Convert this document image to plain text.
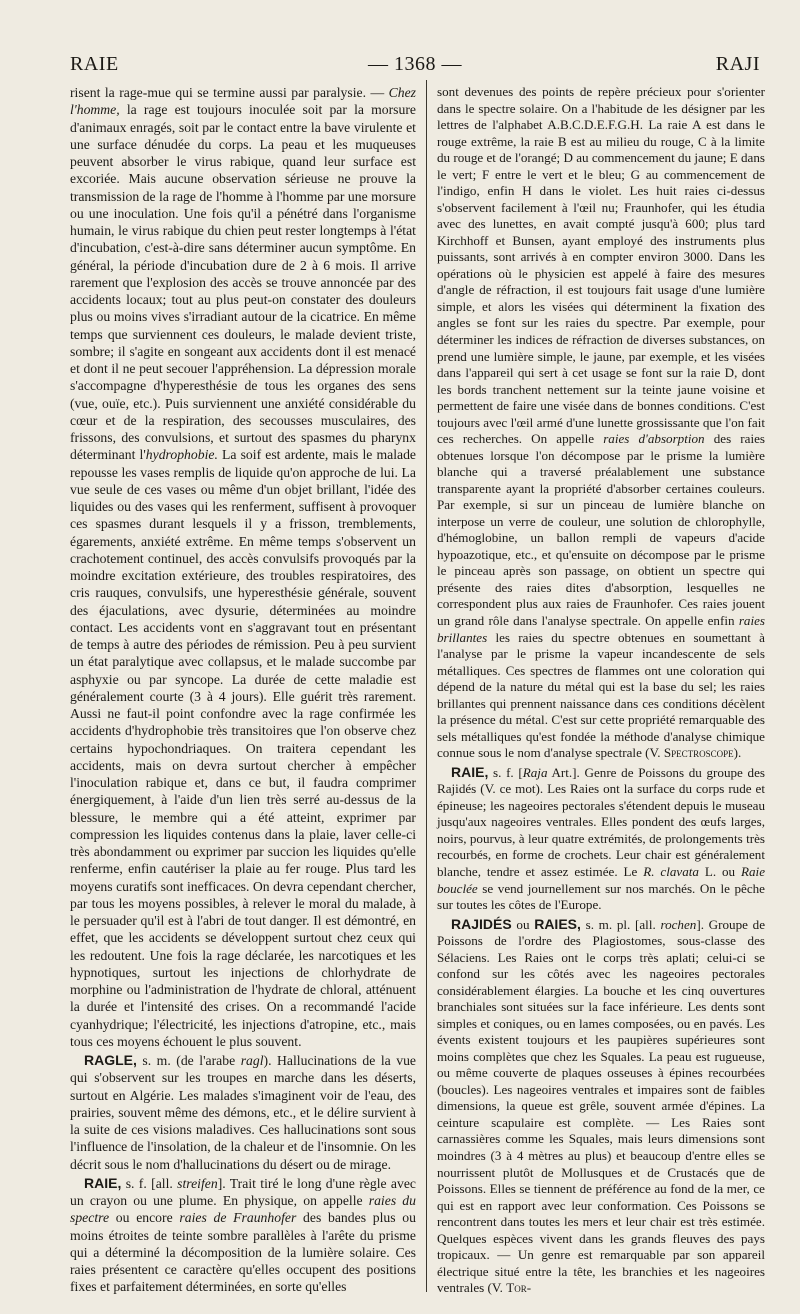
RAIE	— 1368 —	RAJI

risent la rage-mue qui se termine aussi par paralysie. — Chez l'homme, la rage est toujours inoculée soit par la morsure d'animaux enragés, soit par le contact entre la bave virulente et une surface dénudée du corps. La peau et les muqueuses peuvent absorber le virus rabique, quand leur surface est excoriée. Mais aucune observation sérieuse ne prouve la transmission de la rage de l'homme à l'homme par une morsure ou une inoculation. Une fois qu'il a pénétré dans l'organisme humain, le virus rabique du chien peut rester longtemps à l'état d'incubation, c'est-à-dire sans déterminer aucun symptôme. En général, la période d'incubation dure de 2 à 6 mois. Il arrive rarement que l'explosion des accès se trouve annoncée par des accidents locaux; tout au plus peut-on constater des douleurs plus ou moins vives s'irradiant autour de la cicatrice. En même temps que surviennent ces douleurs, le malade devient triste, sombre; il s'agite en songeant aux accidents dont il est menacé et dont il ne peut secouer l'appréhension. La dépression morale s'accompagne d'hyperesthésie de tous les organes des sens (vue, ouïe, etc.). Puis surviennent une anxiété considérable du cœur et de la respiration, des secousses musculaires, des frissons, des convulsions, et surtout des spasmes du pharynx déterminant l'hydrophobie. La soif est ardente, mais le malade repousse les vases remplis de liquide qu'on approche de lui. La vue seule de ces vases ou même d'un objet brillant, l'idée des liquides ou des vases qui les renferment, suffisent à provoquer ces spasmes durant lesquels il y a frisson, tremblements, égarements, anxiété extrême. En même temps s'observent un crachotement continuel, des accès convulsifs provoqués par la moindre excitation extérieure, des troubles respiratoires, des cris rauques, convulsifs, une hyperesthésie générale, souvent des éjaculations, avec dysurie, déterminées au moindre contact. Les accidents vont en s'aggravant tout en présentant de temps à autre des périodes de rémission. Peu à peu survient un état paralytique avec collapsus, et le malade succombe par asphyxie ou par syncope. La durée de cette maladie est généralement courte (3 à 4 jours). Elle guérit très rarement. Aussi ne faut-il point confondre avec la rage confirmée les accidents d'hydrophobie très transitoires que l'on observe chez certains hypochondriaques. On traitera cependant les accidents, mais on devra surtout chercher à empêcher l'inoculation rabique et, dans ce but, il faudra comprimer énergiquement, à l'aide d'un lien très serré au-dessus de la blessure, le membre qui a été atteint, exprimer par compression les liquides contenus dans la plaie, laver celle-ci très abondamment ou exprimer par succion les liquides qu'elle renferme, enfin cautériser la plaie au fer rouge. Plus tard les moyens curatifs sont inefficaces. On devra cependant chercher, par tous les moyens possibles, à relever le moral du malade, à le persuader qu'il est à l'abri de tout danger. Il est démontré, en effet, que les accidents se développent surtout chez ceux qui les redoutent. Une fois la rage déclarée, les narcotiques et les hypnotiques, surtout les injections de chlorhydrate de morphine ou l'administration de l'hydrate de chloral, atténuent la durée et l'intensité des crises. On a recommandé l'acide cyanhydrique; l'électricité, les injections d'atropine, etc., mais tous ces moyens échouent le plus souvent.

RAGLE, s. m. (de l'arabe ragl). Hallucinations de la vue qui s'observent sur les troupes en marche dans les déserts, surtout en Algérie. Les malades s'imaginent voir de l'eau, des prairies, souvent même des démons, etc., et le délire survient à la suite de ces visions maladives. Ces hallucinations sont sous l'influence de l'insolation, de la chaleur et de l'insomnie. On les décrit sous le nom d'hallucinations du désert ou de mirage.

RAIE, s. f. [all. streifen]. Trait tiré le long d'une règle avec un crayon ou une plume. En physique, on appelle raies du spectre ou encore raies de Fraunhofer des bandes plus ou moins étroites de teinte sombre parallèles à l'arête du prisme qui a déterminé la décomposition de la lumière solaire. Ces raies présentent ce caractère qu'elles occupent des positions fixes et parfaitement déterminées, en sorte qu'elles

sont devenues des points de repère précieux pour s'orienter dans le spectre solaire. On a l'habitude de les désigner par les lettres de l'alphabet A.B.C.D.E.F.G.H. La raie A est dans le rouge extrême, la raie B est au milieu du rouge, C à la limite du rouge et de l'orangé; D au commencement du jaune; E dans le vert; F entre le vert et le bleu; G au commencement de l'indigo, enfin H dans le violet. Les huit raies ci-dessus s'observent facilement à l'œil nu; Fraunhofer, qui les étudia avec des lunettes, en avait compté jusqu'à 600; plus tard Kirchhoff et Bunsen, ayant employé des instruments plus puissants, sont arrivés à en compter environ 3000. Dans les opérations où le physicien est appelé à faire des mesures d'angle de réfraction, il est toujours fait usage d'une lumière simple, et alors les visées qui déterminent la fixation des angles se font sur les raies du spectre. Par exemple, pour déterminer les indices de réfraction de diverses substances, on prend une lumière simple, le jaune, par exemple, et les visées dans l'appareil qui sert à cet usage se font sur la raie D, dont les bords tranchent nettement sur la teinte jaune voisine et permettent de faire une visée dans de bonnes conditions. C'est toujours avec l'œil armé d'une lunette grossissante que l'on fait ces recherches. On appelle raies d'absorption des raies obtenues lorsque l'on décompose par le prisme la lumière blanche qui a traversé préalablement une substance transparente ayant la propriété d'absorber certaines couleurs. Par exemple, si sur un pinceau de lumière blanche on interpose un verre de couleur, une solution de chlorophylle, d'hémoglobine, un ballon rempli de vapeurs d'acide hypoazotique, etc., et qu'ensuite on décompose par le prisme le pinceau après son passage, on obtient un spectre qui présente des raies dites d'absorption, lesquelles ne correspondent plus aux raies de Fraunhofer. Ces raies jouent un grand rôle dans l'analyse spectrale. On appelle enfin raies brillantes les raies du spectre obtenues en soumettant à l'analyse par le prisme la vapeur incandescente de sels métalliques. Ces spectres de flammes ont une coloration qui dépend de la nature du métal qui est la base du sel; les raies brillantes qui prennent naissance dans ces conditions décèlent la présence du métal. C'est sur cette propriété remarquable des sels métalliques qu'est fondée la méthode d'analyse chimique connue sous le nom d'analyse spectrale (V. Spectroscope).

RAIE, s. f. [Raja Art.]. Genre de Poissons du groupe des Rajidés (V. ce mot). Les Raies ont la surface du corps rude et épineuse; les nageoires pectorales s'étendent depuis le museau jusqu'aux nageoires ventrales. Elles pondent des œufs larges, noirs, pourvus, à leur quatre extrémités, de prolongements très recourbés, en forme de crochets. Leur chair est généralement blanche, tendre et assez estimée. Le R. clavata L. ou Raie bouclée se vend journellement sur nos marchés. On le pêche sur toutes les côtes de l'Europe.

RAJIDÉS ou RAIES, s. m. pl. [all. rochen]. Groupe de Poissons de l'ordre des Plagiostomes, sous-classe des Sélaciens. Les Raies ont le corps très aplati; celui-ci se confond sur les côtés avec les nageoires pectorales considérablement élargies. La bouche et les cinq ouvertures branchiales sont situées sur la face inférieure. Les dents sont simples et coniques, ou en lames composées, ou en pavés. Les évents existent toujours et les paupières supérieures sont moins complètes que chez les Squales. La peau est rugueuse, ou même couverte de plaques osseuses à épines recourbées (boucles). Les nageoires ventrales et impaires sont de faibles dimensions, la queue est grêle, souvent armée d'épines. La ceinture scapulaire est complète. — Les Raies sont carnassières comme les Squales, mais leurs dimensions sont moindres (3 à 4 mètres au plus) et beaucoup d'entre elles se nourrissent plutôt de Mollusques et de Crustacés que de Poissons. Elles se tiennent de préférence au fond de la mer, ce qui est en rapport avec leur conformation. Ces Poissons se rencontrent dans toutes les mers et leur chair est très estimée. Quelques espèces vivent dans les grands fleuves des pays tropicaux. — Un genre est remarquable par son appareil électrique situé entre la tête, les branchies et les nageoires ventrales (V. Tor-
